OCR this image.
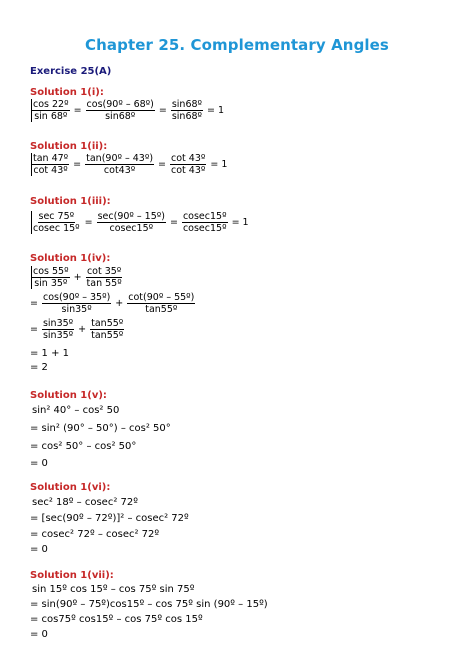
Chapter 25. Complementary Angles
Exercise 25(A)
Solution 1(i):
$\frac{\text{cos 22º}}{\text{sin 68º}} = \frac{\text{cos(90º – 68º)}}{\text{sin68º}} = \frac{\text{sin68º}}{\text{sin68º}} = 1$
Solution 1(ii):
$\frac{\text{tan 47º}}{\text{cot 43º}} = \frac{\text{tan(90º – 43º)}}{\text{cot43º}} = \frac{\text{cot 43º}}{\text{cot 43º}} = 1$
Solution 1(iii):
$\frac{\text{sec 75º}}{\text{cosec 15º}} = \frac{\text{sec(90º – 15º)}}{\text{cosec15º}} = \frac{\text{cosec15º}}{\text{cosec15º}} = 1$
Solution 1(iv):
$\frac{\text{cos 55º}}{\text{sin 35º}} + \frac{\text{cot 35º}}{\text{tan 55º}}$
= $\frac{\text{cos(90º – 35º)}}{\text{sin35º}} + \frac{\text{cot(90º – 55º)}}{\text{tan55º}}$
= $\frac{\text{sin35º}}{\text{sin35º}} + \frac{\text{tan55º}}{\text{tan55º}}$
= 1 + 1
= 2
Solution 1(v):
sin² 40° – cos² 50
= sin² (90° – 50°) – cos² 50°
= cos² 50° – cos² 50°
= 0
Solution 1(vi):
sec² 18º – cosec² 72º
= [sec(90º – 72º)]² – cosec² 72º
= cosec² 72º – cosec² 72º
= 0
Solution 1(vii):
sin 15º cos 15º – cos 75º sin 75º
= sin(90º – 75º)cos15º – cos 75º sin (90º – 15º)
= cos75º cos15º – cos 75º cos 15º
= 0
